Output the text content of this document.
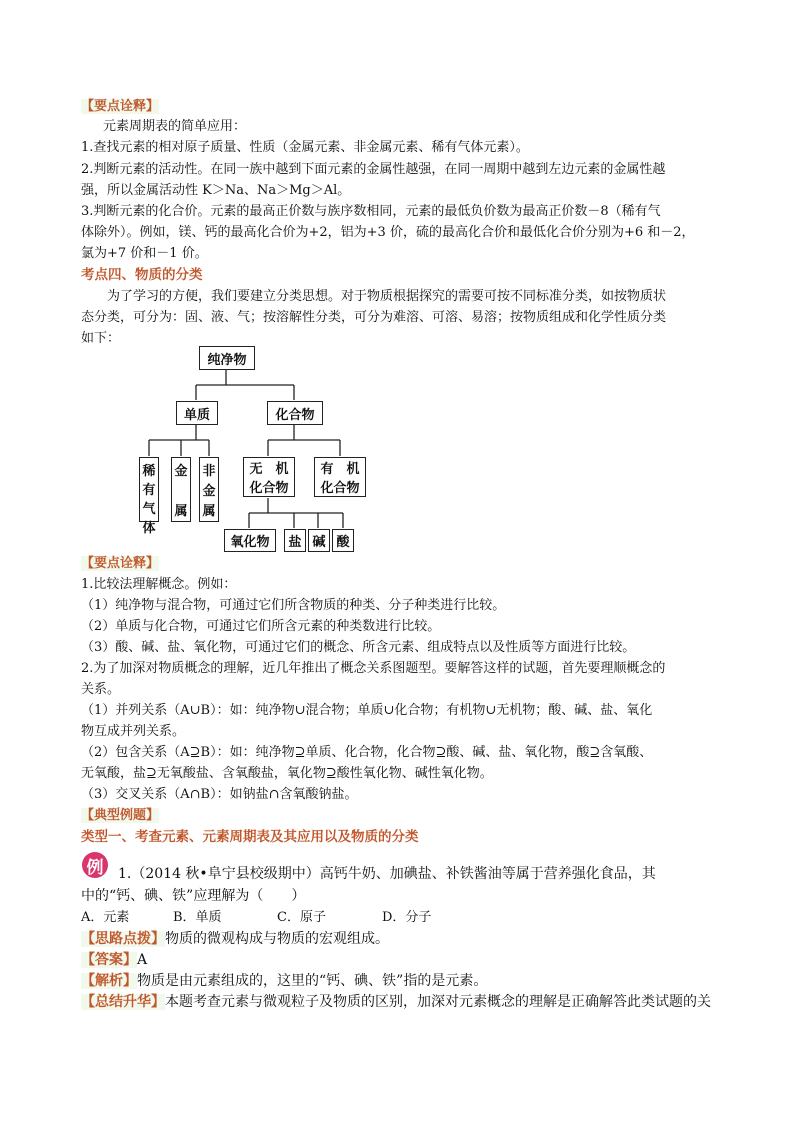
【要点诠释】
元素周期表的简单应用：
1.查找元素的相对原子质量、性质（金属元素、非金属元素、稀有气体元素）。
2.判断元素的活动性。在同一族中越到下面元素的金属性越强，在同一周期中越到左边元素的金属性越
强，所以金属活动性 K＞Na、Na＞Mg＞Al。
3.判断元素的化合价。元素的最高正价数与族序数相同，元素的最低负价数为最高正价数－8（稀有气
体除外）。例如，镁、钙的最高化合价为+2，铝为+3 价，硫的最高化合价和最低化合价分别为+6 和－2，
氯为+7 价和－1 价。
考点四、物质的分类
为了学习的方便，我们要建立分类思想。对于物质根据探究的需要可按不同标准分类，如按物质状
态分类，可分为：固、液、气；按溶解性分类，可分为难溶、可溶、易溶；按物质组成和化学性质分类
如下：
纯净物
单质	化合物
稀
有
气
体
金
属
非
金
属
无　机
化合物
有　机
化合物
氧化物	盐 碱 酸
【要点诠释】
1.比较法理解概念。例如：
（1）纯净物与混合物，可通过它们所含物质的种类、分子种类进行比较。
（2）单质与化合物，可通过它们所含元素的种类数进行比较。
（3）酸、碱、盐、氧化物，可通过它们的概念、所含元素、组成特点以及性质等方面进行比较。
2.为了加深对物质概念的理解，近几年推出了概念关系图题型。要解答这样的试题，首先要理顺概念的
关系。
（1）并列关系（A∪B）：如：纯净物∪混合物；单质∪化合物；有机物∪无机物；酸、碱、盐、氧化
物互成并列关系。
（2）包含关系（A⊇B）：如：纯净物⊇单质、化合物，化合物⊇酸、碱、盐、氧化物，酸⊇含氧酸、
无氧酸，盐⊇无氧酸盐、含氧酸盐，氧化物⊇酸性氧化物、碱性氧化物。
（3）交叉关系（A∩B）：如钠盐∩含氧酸钠盐。
【典型例题】
类型一、考查元素、元素周期表及其应用以及物质的分类
例	1.（2014 秋•阜宁县校级期中）高钙牛奶、加碘盐、补铁酱油等属于营养强化食品，其
中的“钙、碘、铁”应理解为（　　）
A．元素	B．单质	C．原子	D．分子
【思路点拨】物质的微观构成与物质的宏观组成。
【答案】A
【解析】物质是由元素组成的，这里的“钙、碘、铁”指的是元素。
【总结升华】本题考查元素与微观粒子及物质的区别，加深对元素概念的理解是正确解答此类试题的关
